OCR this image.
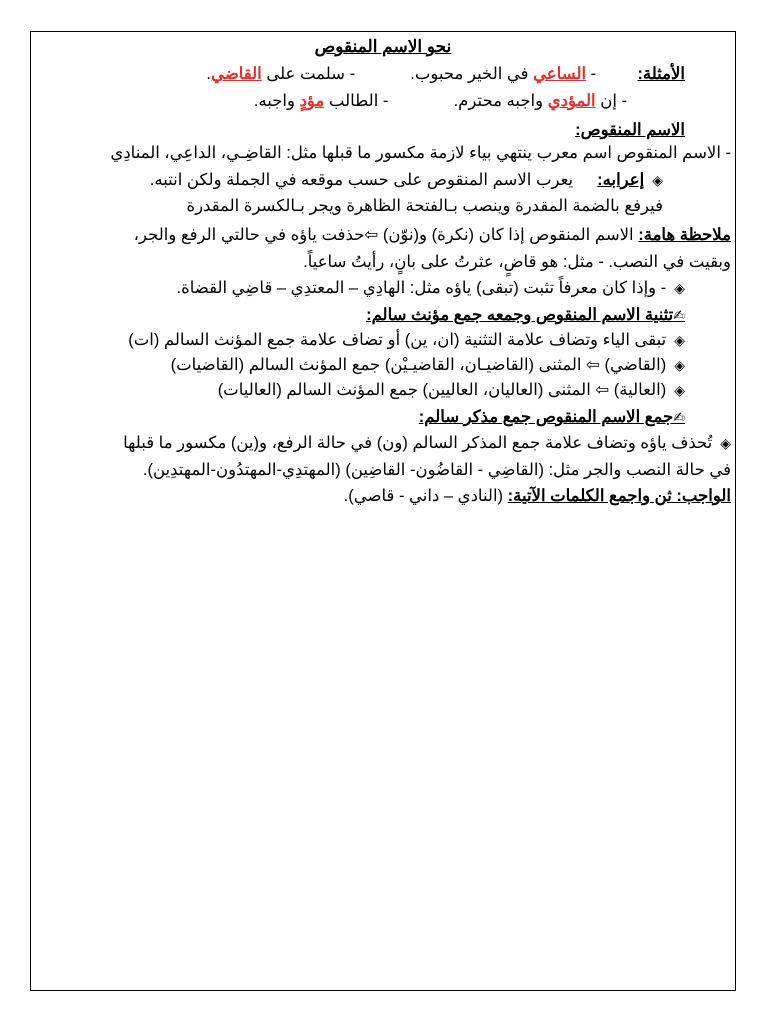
نحو الاسم المنقوص
الأمثلة:  - الساعي في الخير محبوب.  - سلمت على القاضي.
- إن المؤدي واجبه محترم.  - الطالب مؤدٍ واجبه.
الاسم المنقوص:
- الاسم المنقوص اسم معرب ينتهي بياء لازمة مكسور ما قبلها مثل: القاضِـي، الداعِي، المنادِي
◈إعرابه:يعرب الاسم المنقوص على حسب موقعه في الجملة ولكن انتبه.
فيرفع بالضمة المقدرة وينصب بـالفتحة الظاهرة ويجر بـالكسرة المقدرة
ملاحظة هامة: الاسم المنقوص إذا كان (نكرة) و(نوّن) ⇦حذفت ياؤه في حالتي الرفع والجر،
وبقيت في النصب. - مثل: هو قاضٍ، عثرتُ على بانٍ، رأيتُ ساعياً.
◈- وإذا كان معرفاً تثبت (تبقى) ياؤه مثل: الهادِي – المعتدِي – قاضِي القضاة.
✍تثنية الاسم المنقوص وجمعه جمع مؤنث سالم:
◈تبقى الياء وتضاف علامة التثنية (ان، ين) أو تضاف علامة جمع المؤنث السالم (ات)
◈(القاضي) ⇦ المثنى (القاضيـان، القاضيـيْن) جمع المؤنث السالم (القاضيات)
◈(العالية) ⇦ المثنى (العاليان، العاليين) جمع المؤنث السالم (العاليات)
✍جمع الاسم المنقوص جمع مذكر سالم:
◈تُحذف ياؤه وتضاف علامة جمع المذكر السالم (ون) في حالة الرفع، و(ين) مكسور ما قبلها
في حالة النصب والجر مثل: (القاضِي - القاضُون- القاضِين) (المهتدِي-المهتدُون-المهتدِين).
الواجب: ثن واجمع الكلمات الآتية: (النادي – داني - قاصي).
